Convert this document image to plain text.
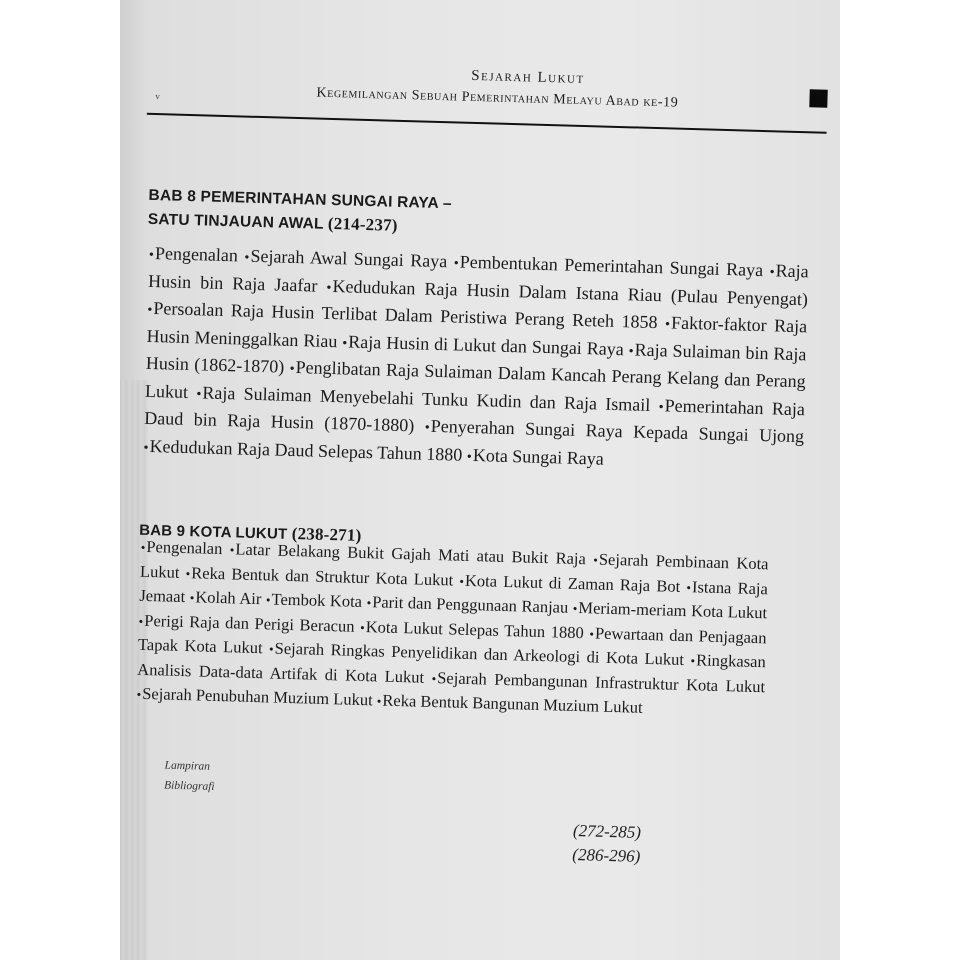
Sejarah Lukut
Kegemilangan Sebuah Pemerintahan Melayu Abad ke-19
v
BAB 8 PEMERINTAHAN SUNGAI RAYA –
SATU TINJAUAN AWAL (214-237)
•Pengenalan •Sejarah Awal Sungai Raya •Pembentukan Pemerintahan Sungai Raya •Raja Husin bin Raja Jaafar •Kedudukan Raja Husin Dalam Istana Riau (Pulau Penyengat) •Persoalan Raja Husin Terlibat Dalam Peristiwa Perang Reteh 1858 •Faktor-faktor Raja Husin Meninggalkan Riau •Raja Husin di Lukut dan Sungai Raya •Raja Sulaiman bin Raja Husin (1862-1870) •Penglibatan Raja Sulaiman Dalam Kancah Perang Kelang dan Perang Lukut •Raja Sulaiman Menyebelahi Tunku Kudin dan Raja Ismail •Pemerintahan Raja Daud bin Raja Husin (1870-1880) •Penyerahan Sungai Raya Kepada Sungai Ujong •Kedudukan Raja Daud Selepas Tahun 1880 •Kota Sungai Raya
BAB 9 KOTA LUKUT (238-271)
•Pengenalan •Latar Belakang Bukit Gajah Mati atau Bukit Raja •Sejarah Pembinaan Kota Lukut •Reka Bentuk dan Struktur Kota Lukut •Kota Lukut di Zaman Raja Bot •Istana Raja Jemaat •Kolah Air •Tembok Kota •Parit dan Penggunaan Ranjau •Meriam-meriam Kota Lukut •Perigi Raja dan Perigi Beracun •Kota Lukut Selepas Tahun 1880 •Pewartaan dan Penjagaan Tapak Kota Lukut •Sejarah Ringkas Penyelidikan dan Arkeologi di Kota Lukut •Ringkasan Analisis Data-data Artifak di Kota Lukut •Sejarah Pembangunan Infrastruktur Kota Lukut •Sejarah Penubuhan Muzium Lukut •Reka Bentuk Bangunan Muzium Lukut
Lampiran
Bibliografi
(272-285)
(286-296)
